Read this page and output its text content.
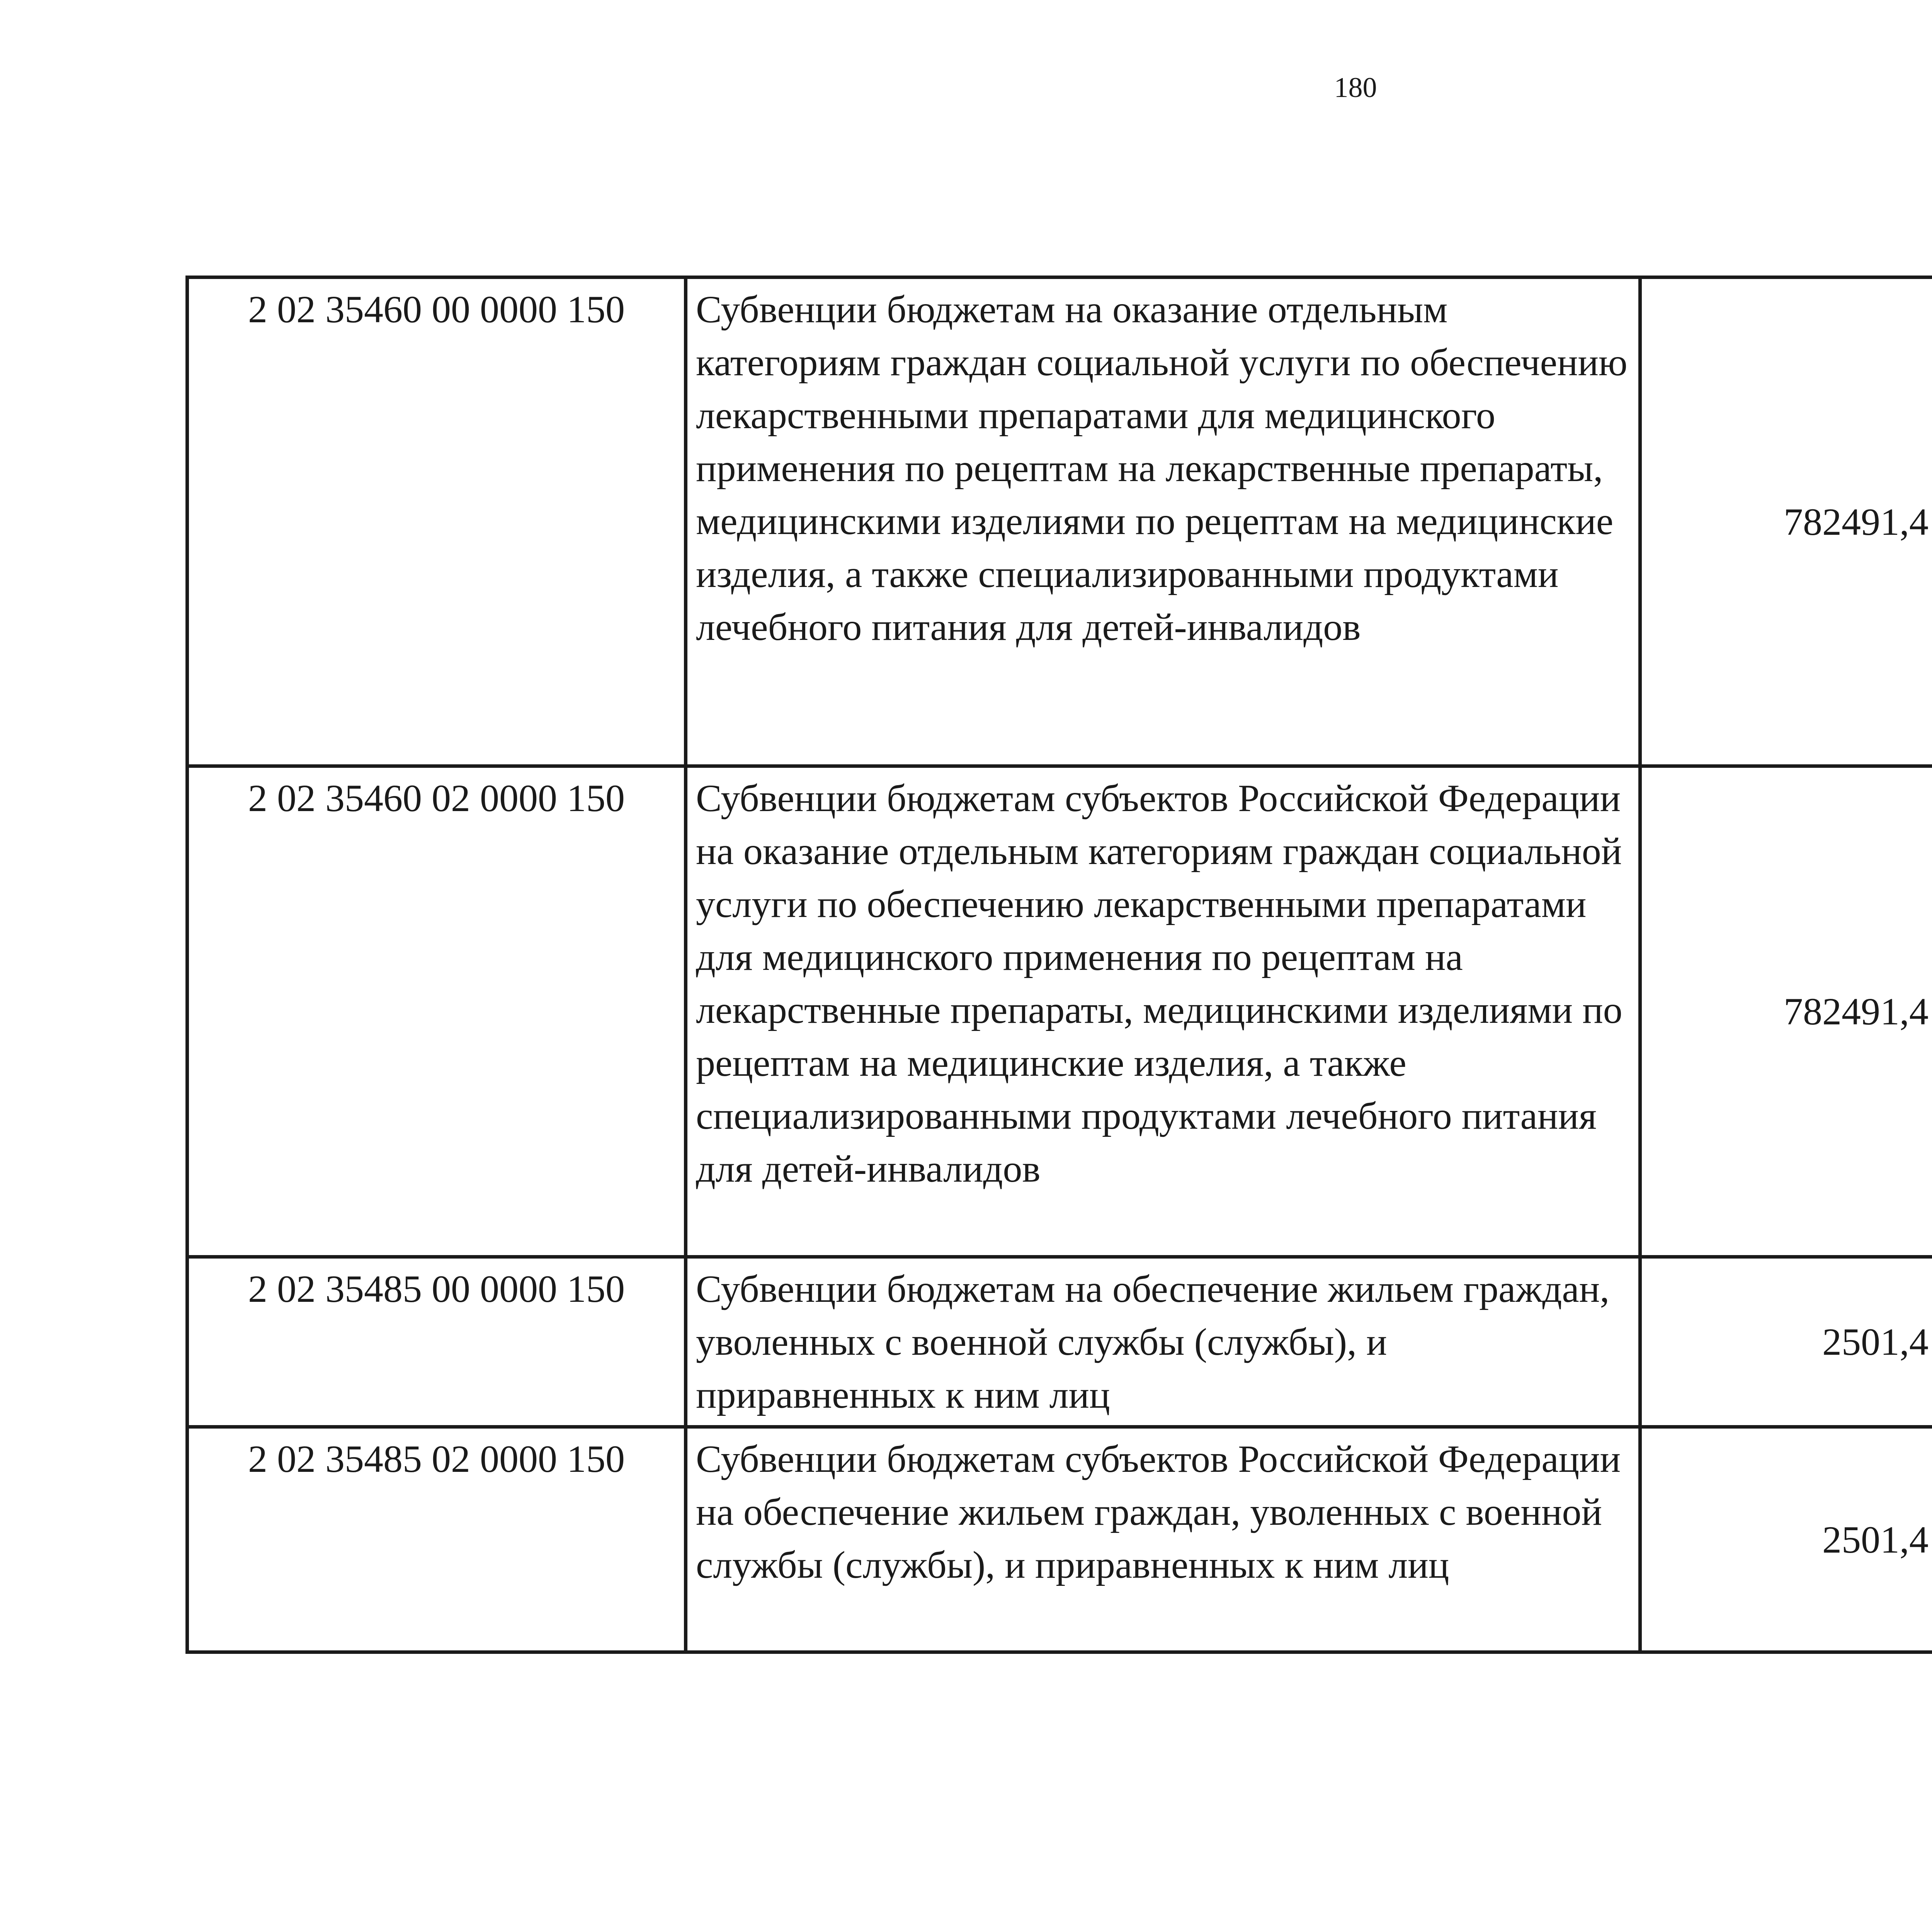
180
2 02 35460 00 0000 150	Субвенции бюджетам на оказание отдельным категориям граждан социальной услуги по обеспечению лекарственными препаратами для медицинского применения по рецептам на лекарственные препараты, медицинскими изделиями по рецептам на медицинские изделия, а также специализированными продуктами лечебного питания для детей-инвалидов	782491,4		
2 02 35460 02 0000 150	Субвенции бюджетам субъектов Российской Федерации на оказание отдельным категориям граждан социальной услуги по обеспечению лекарственными препаратами для медицинского применения по рецептам на лекарственные препараты, медицинскими изделиями по рецептам на медицинские изделия, а также специализированными продуктами лечебного питания для детей-инвалидов	782491,4		
2 02 35485 00 0000 150	Субвенции бюджетам на обеспечение жильем граждан, уволенных с военной службы (службы), и приравненных к ним лиц	2501,4		
2 02 35485 02 0000 150	Субвенции бюджетам субъектов Российской Федерации на обеспечение жильем граждан, уволенных с военной службы (службы), и приравненных к ним лиц	2501,4		
